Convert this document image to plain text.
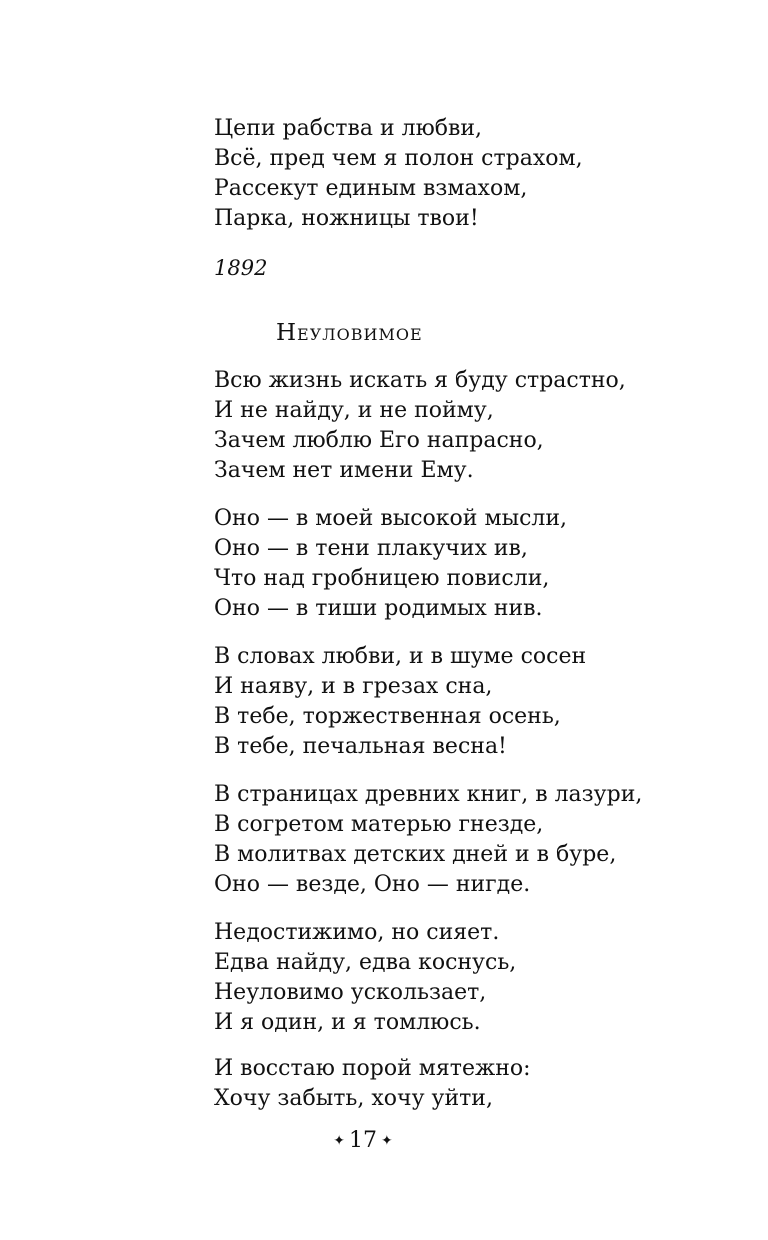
Цепи рабства и любви,
Всё, пред чем я полон страхом,
Рассекут единым взмахом,
Парка, ножницы твои!
1892
Неуловимое
Всю жизнь искать я буду страстно,
И не найду, и не пойму,
Зачем люблю Его напрасно,
Зачем нет имени Ему.
Оно — в моей высокой мысли,
Оно — в тени плакучих ив,
Что над гробницею повисли,
Оно — в тиши родимых нив.
В словах любви, и в шуме сосен
И наяву, и в грезах сна,
В тебе, торжественная осень,
В тебе, печальная весна!
В страницах древних книг, в лазури,
В согретом матерью гнезде,
В молитвах детских дней и в буре,
Оно — везде, Оно — нигде.
Недостижимо, но сияет.
Едва найду, едва коснусь,
Неуловимо ускользает,
И я один, и я томлюсь.
И восстаю порой мятежно:
Хочу забыть, хочу уйти,
✦ 17 ✦
